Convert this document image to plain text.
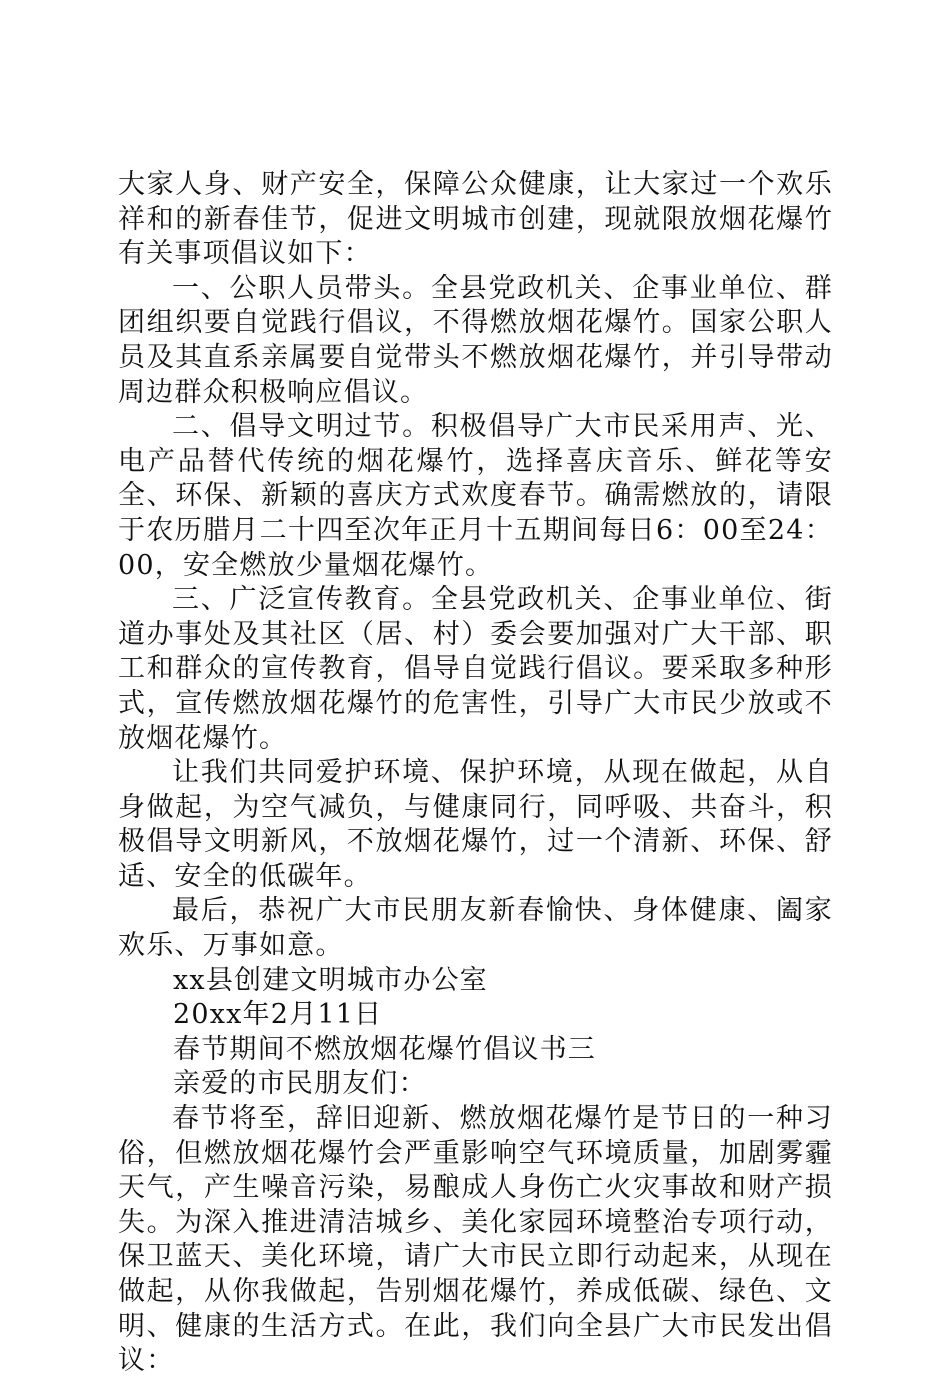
大家人身、财产安全，保障公众健康，让大家过一个欢乐祥和的新春佳节，促进文明城市创建，现就限放烟花爆竹有关事项倡议如下：

一、公职人员带头。全县党政机关、企事业单位、群团组织要自觉践行倡议，不得燃放烟花爆竹。国家公职人员及其直系亲属要自觉带头不燃放烟花爆竹，并引导带动周边群众积极响应倡议。

二、倡导文明过节。积极倡导广大市民采用声、光、电产品替代传统的烟花爆竹，选择喜庆音乐、鲜花等安全、环保、新颖的喜庆方式欢度春节。确需燃放的，请限于农历腊月二十四至次年正月十五期间每日6：00至24：00，安全燃放少量烟花爆竹。

三、广泛宣传教育。全县党政机关、企事业单位、街道办事处及其社区（居、村）委会要加强对广大干部、职工和群众的宣传教育，倡导自觉践行倡议。要采取多种形式，宣传燃放烟花爆竹的危害性，引导广大市民少放或不放烟花爆竹。

让我们共同爱护环境、保护环境，从现在做起，从自身做起，为空气减负，与健康同行，同呼吸、共奋斗，积极倡导文明新风，不放烟花爆竹，过一个清新、环保、舒适、安全的低碳年。

最后，恭祝广大市民朋友新春愉快、身体健康、阖家欢乐、万事如意。

xx县创建文明城市办公室

20xx年2月11日

春节期间不燃放烟花爆竹倡议书三

亲爱的市民朋友们：

春节将至，辞旧迎新、燃放烟花爆竹是节日的一种习俗，但燃放烟花爆竹会严重影响空气环境质量，加剧雾霾天气，产生噪音污染，易酿成人身伤亡火灾事故和财产损失。为深入推进清洁城乡、美化家园环境整治专项行动，保卫蓝天、美化环境，请广大市民立即行动起来，从现在做起，从你我做起，告别烟花爆竹，养成低碳、绿色、文明、健康的生活方式。在此，我们向全县广大市民发出倡议：
